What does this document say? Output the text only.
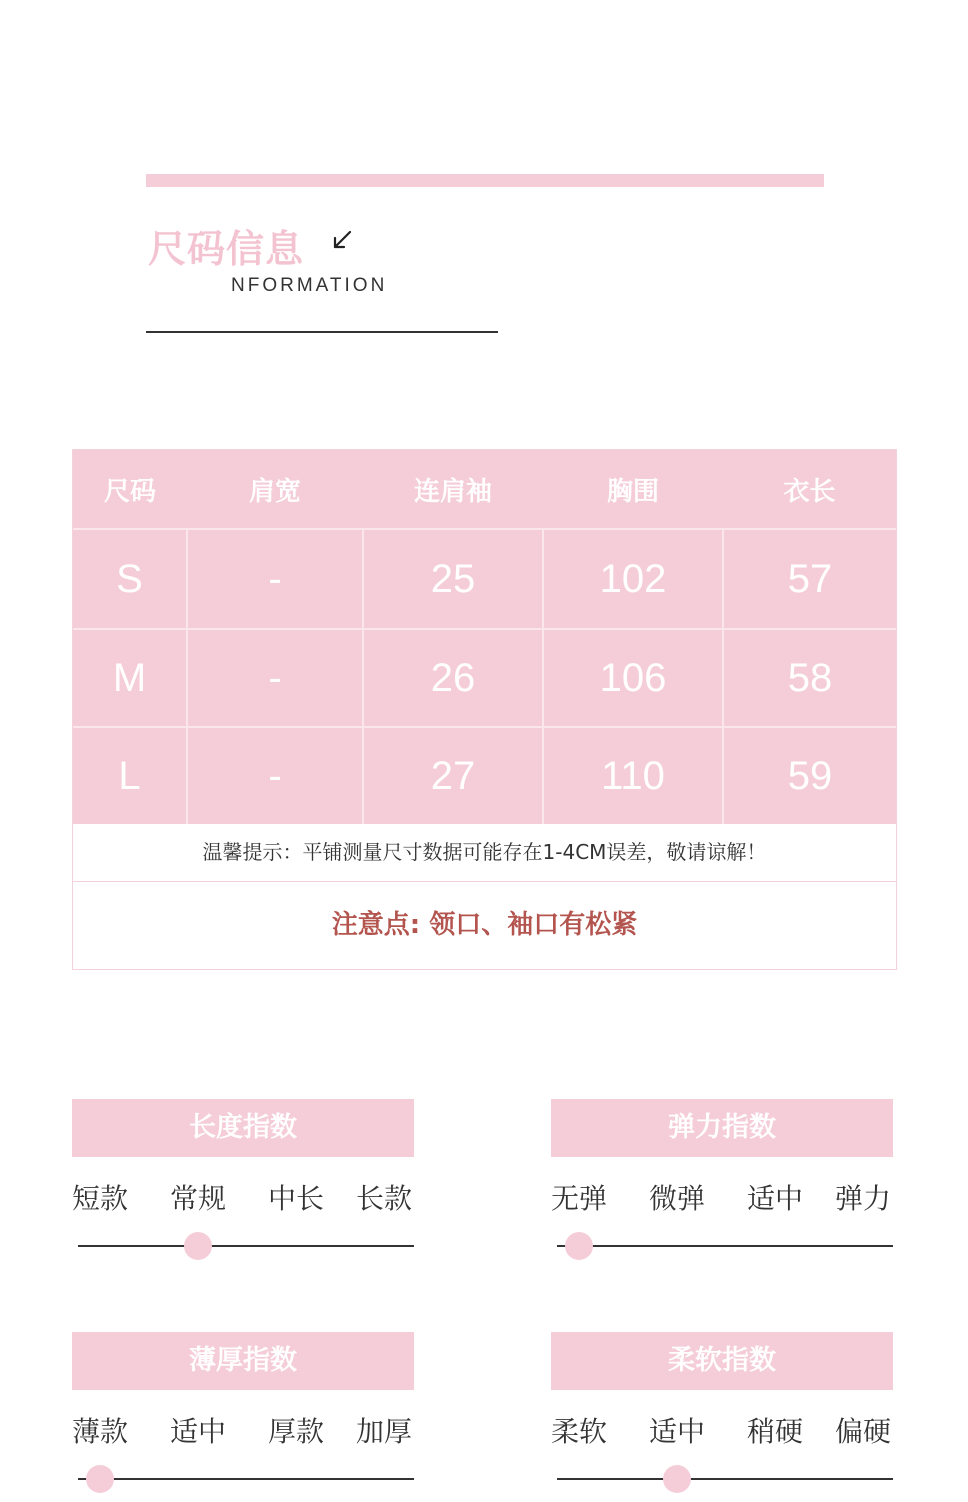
尺码信息
NFORMATION
尺码	肩宽	连肩袖	胸围	衣长
S	-	25	102	57
M	-	26	106	58
L	-	27	110	59
温馨提示：平铺测量尺寸数据可能存在1-4CM误差，敬请谅解！
注意点: 领口、袖口有松紧
长度指数
短款 常规 中长 长款
弹力指数
无弹 微弹 适中 弹力
薄厚指数
薄款 适中 厚款 加厚
柔软指数
柔软 适中 稍硬 偏硬
